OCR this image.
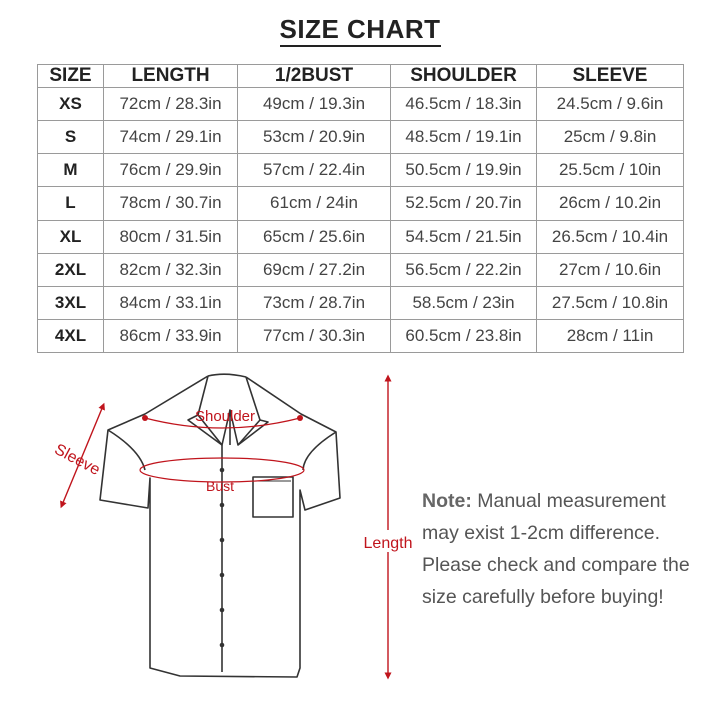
SIZE CHART
SIZE	LENGTH	1/2BUST	SHOULDER	SLEEVE
XS	72cm / 28.3in	49cm / 19.3in	46.5cm / 18.3in	24.5cm / 9.6in
S	74cm / 29.1in	53cm / 20.9in	48.5cm / 19.1in	25cm / 9.8in
M	76cm / 29.9in	57cm / 22.4in	50.5cm / 19.9in	25.5cm / 10in
L	78cm / 30.7in	61cm / 24in	52.5cm / 20.7in	26cm / 10.2in
XL	80cm / 31.5in	65cm / 25.6in	54.5cm / 21.5in	26.5cm / 10.4in
2XL	82cm / 32.3in	69cm / 27.2in	56.5cm / 22.2in	27cm / 10.6in
3XL	84cm / 33.1in	73cm / 28.7in	58.5cm / 23in	27.5cm / 10.8in
4XL	86cm / 33.9in	77cm / 30.3in	60.5cm / 23.8in	28cm / 11in
Shoulder
Bust
Sleeve
Length
Note: Manual measurement may exist 1-2cm difference. Please check and compare the size carefully before buying!
